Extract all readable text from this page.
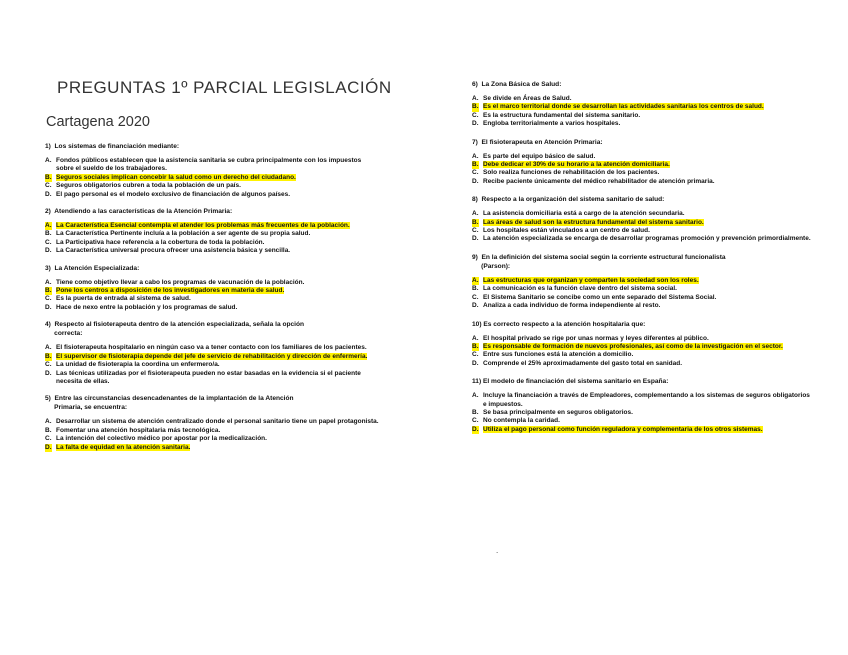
PREGUNTAS 1º PARCIAL LEGISLACIÓN
Cartagena 2020
1)  Los sistemas de financiación mediante:
A. Fondos públicos establecen que la asistencia sanitaria se cubra principalmente con los impuestos sobre el sueldo de los trabajadores.
B. Seguros sociales implican concebir la salud como un derecho del ciudadano.
C. Seguros obligatorios cubren a toda la población de un país.
D. El pago personal es el modelo exclusivo de financiación de algunos países.
2)  Atendiendo a las características de la Atención Primaria:
A. La Característica Esencial contempla el atender los problemas más frecuentes de la población.
B. La Característica Pertinente incluía a la población a ser agente de su propia salud.
C. La Participativa hace referencia a la cobertura de toda la población.
D. La Característica universal procura ofrecer una asistencia básica y sencilla.
3)  La Atención Especializada:
A. Tiene como objetivo llevar a cabo los programas de vacunación de la población.
B. Pone los centros a disposición de los investigadores en materia de salud.
C. Es la puerta de entrada al sistema de salud.
D. Hace de nexo entre la población y los programas de salud.
4)  Respecto al fisioterapeuta dentro de la atención especializada, señala la opción
correcta:
A. El fisioterapeuta hospitalario en ningún caso va a tener contacto con los familiares de los pacientes.
B. El supervisor de fisioterapia depende del jefe de servicio de rehabilitación y dirección de enfermería.
C. La unidad de fisioterapia la coordina un enfermero/a.
D. Las técnicas utilizadas por el fisioterapeuta pueden no estar basadas en la evidencia si el paciente necesita de ellas.
5)  Entre las circunstancias desencadenantes de la implantación de la Atención
Primaria, se encuentra:
A. Desarrollar un sistema de atención centralizado donde el personal sanitario tiene un papel protagonista.
B. Fomentar una atención hospitalaria más tecnológica.
C. La intención del colectivo médico por apostar por la medicalización.
D. La falta de equidad en la atención sanitaria.
6)  La Zona Básica de Salud:
A. Se divide en Áreas de Salud.
B. Es el marco territorial donde se desarrollan las actividades sanitarias los centros de salud.
C. Es la estructura fundamental del sistema sanitario.
D. Engloba territorialmente a varios hospitales.
7)  El fisioterapeuta en Atención Primaria:
A. Es parte del equipo básico de salud.
B. Debe dedicar el 30% de su horario a la atención domiciliaria.
C. Solo realiza funciones de rehabilitación de los pacientes.
D. Recibe paciente únicamente del médico rehabilitador de atención primaria.
8)  Respecto a la organización del sistema sanitario de salud:
A. La asistencia domiciliaria está a cargo de la atención secundaria.
B. Las áreas de salud son la estructura fundamental del sistema sanitario.
C. Los hospitales están vinculados a un centro de salud.
D. La atención especializada se encarga de desarrollar programas promoción y prevención primordialmente.
9)  En la definición del sistema social según la corriente estructural funcionalista
(Parson):
A. Las estructuras que organizan y comparten la sociedad son los roles.
B. La comunicación es la función clave dentro del sistema social.
C. El Sistema Sanitario se concibe como un ente separado del Sistema Social.
D. Analiza a cada individuo de forma independiente al resto.
10) Es correcto respecto a la atención hospitalaria que:
A. El hospital privado se rige por unas normas y leyes diferentes al público.
B. Es responsable de formación de nuevos profesionales, así como de la investigación en el sector.
C. Entre sus funciones está la atención a domicilio.
D. Comprende el 25% aproximadamente del gasto total en sanidad.
11) El modelo de financiación del sistema sanitario en España:
A. Incluye la financiación a través de Empleadores, complementando a los sistemas de seguros obligatorios e impuestos.
B. Se basa principalmente en seguros obligatorios.
C. No contempla la caridad.
D. Utiliza el pago personal como función reguladora y complementaria de los otros sistemas.
.
